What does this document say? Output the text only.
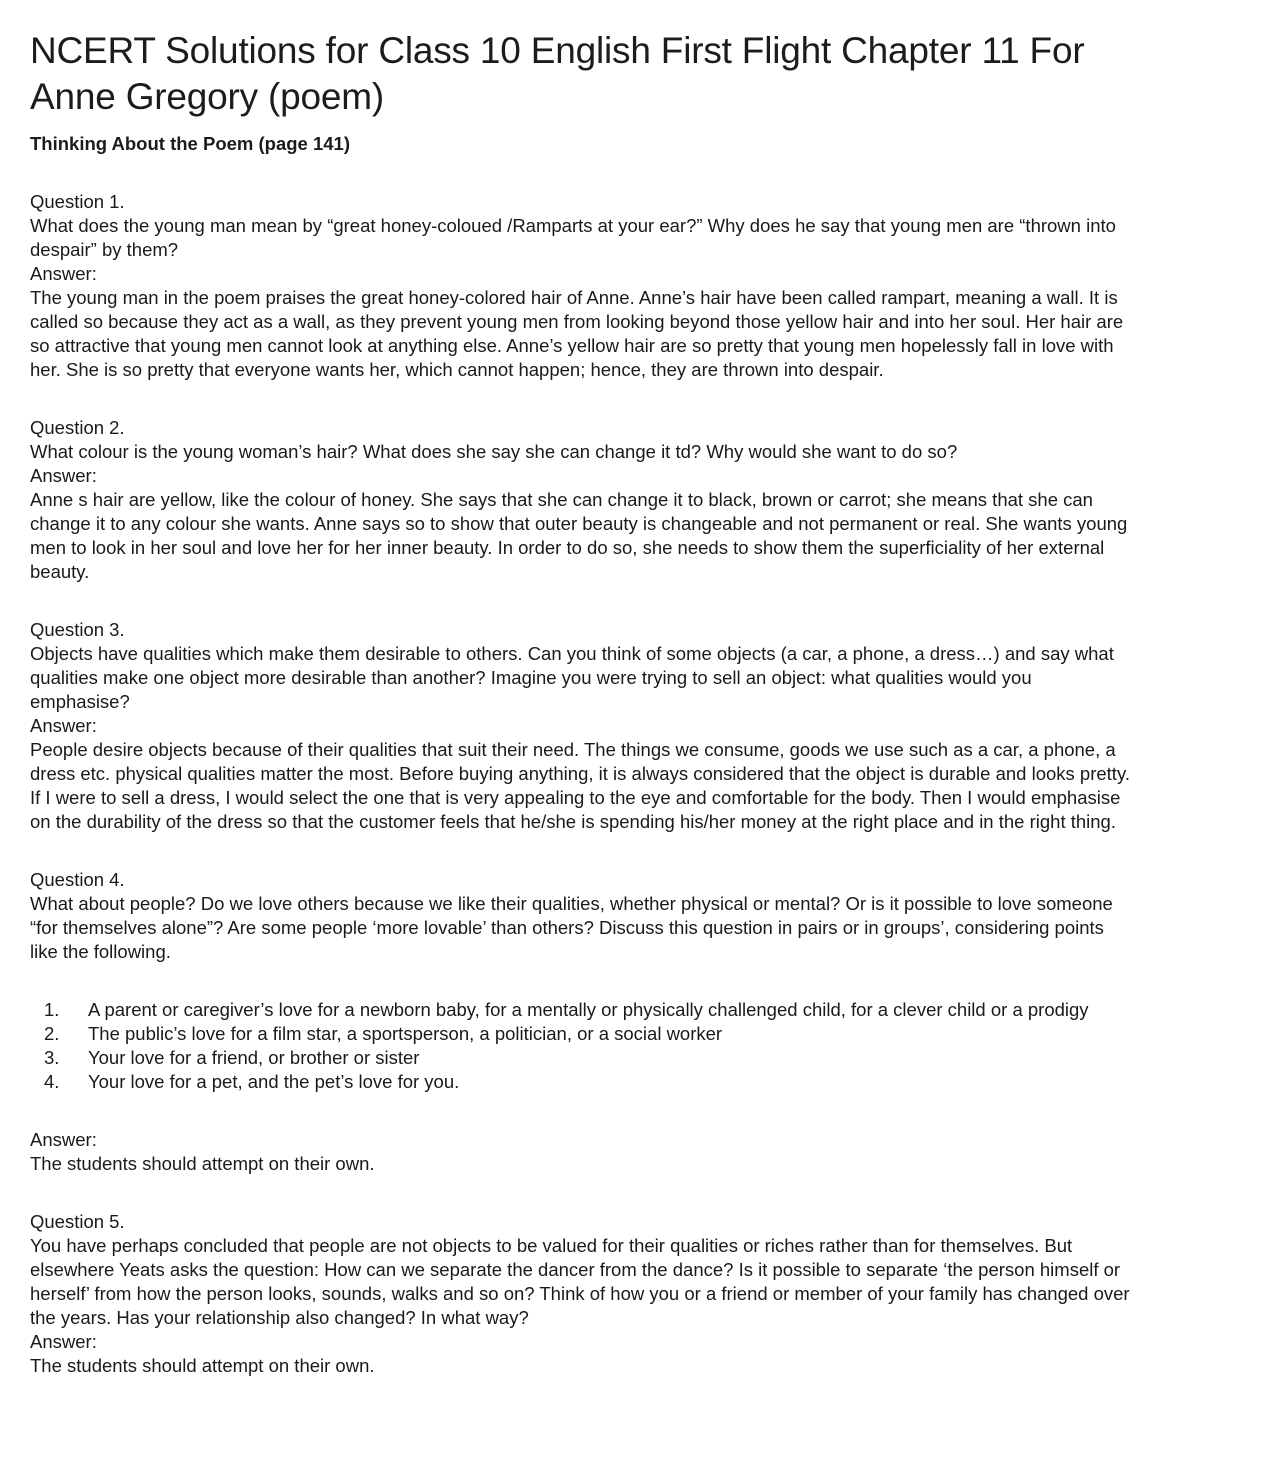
NCERT Solutions for Class 10 English First Flight Chapter 11 For
Anne Gregory (poem)
Thinking About the Poem (page 141)
Question 1.
What does the young man mean by “great honey-coloued /Ramparts at your ear?” Why does he say that young men are “thrown into
despair” by them?
Answer:
The young man in the poem praises the great honey-colored hair of Anne. Anne’s hair have been called rampart, meaning a wall. It is
called so because they act as a wall, as they prevent young men from looking beyond those yellow hair and into her soul. Her hair are
so attractive that young men cannot look at anything else. Anne’s yellow hair are so pretty that young men hopelessly fall in love with
her. She is so pretty that everyone wants her, which cannot happen; hence, they are thrown into despair.
Question 2.
What colour is the young woman’s hair? What does she say she can change it td? Why would she want to do so?
Answer:
Anne s hair are yellow, like the colour of honey. She says that she can change it to black, brown or carrot; she means that she can
change it to any colour she wants. Anne says so to show that outer beauty is changeable and not permanent or real. She wants young
men to look in her soul and love her for her inner beauty. In order to do so, she needs to show them the superficiality of her external
beauty.
Question 3.
Objects have qualities which make them desirable to others. Can you think of some objects (a car, a phone, a dress…) and say what
qualities make one object more desirable than another? Imagine you were trying to sell an object: what qualities would you
emphasise?
Answer:
People desire objects because of their qualities that suit their need. The things we consume, goods we use such as a car, a phone, a
dress etc. physical qualities matter the most. Before buying anything, it is always considered that the object is durable and looks pretty.
If I were to sell a dress, I would select the one that is very appealing to the eye and comfortable for the body. Then I would emphasise
on the durability of the dress so that the customer feels that he/she is spending his/her money at the right place and in the right thing.
Question 4.
What about people? Do we love others because we like their qualities, whether physical or mental? Or is it possible to love someone
“for themselves alone”? Are some people ‘more lovable’ than others? Discuss this question in pairs or in groups’, considering points
like the following.
1. A parent or caregiver’s love for a newborn baby, for a mentally or physically challenged child, for a clever child or a prodigy
2. The public’s love for a film star, a sportsperson, a politician, or a social worker
3. Your love for a friend, or brother or sister
4. Your love for a pet, and the pet’s love for you.
Answer:
The students should attempt on their own.
Question 5.
You have perhaps concluded that people are not objects to be valued for their qualities or riches rather than for themselves. But
elsewhere Yeats asks the question: How can we separate the dancer from the dance? Is it possible to separate ‘the person himself or
herself’ from how the person looks, sounds, walks and so on? Think of how you or a friend or member of your family has changed over
the years. Has your relationship also changed? In what way?
Answer:
The students should attempt on their own.
